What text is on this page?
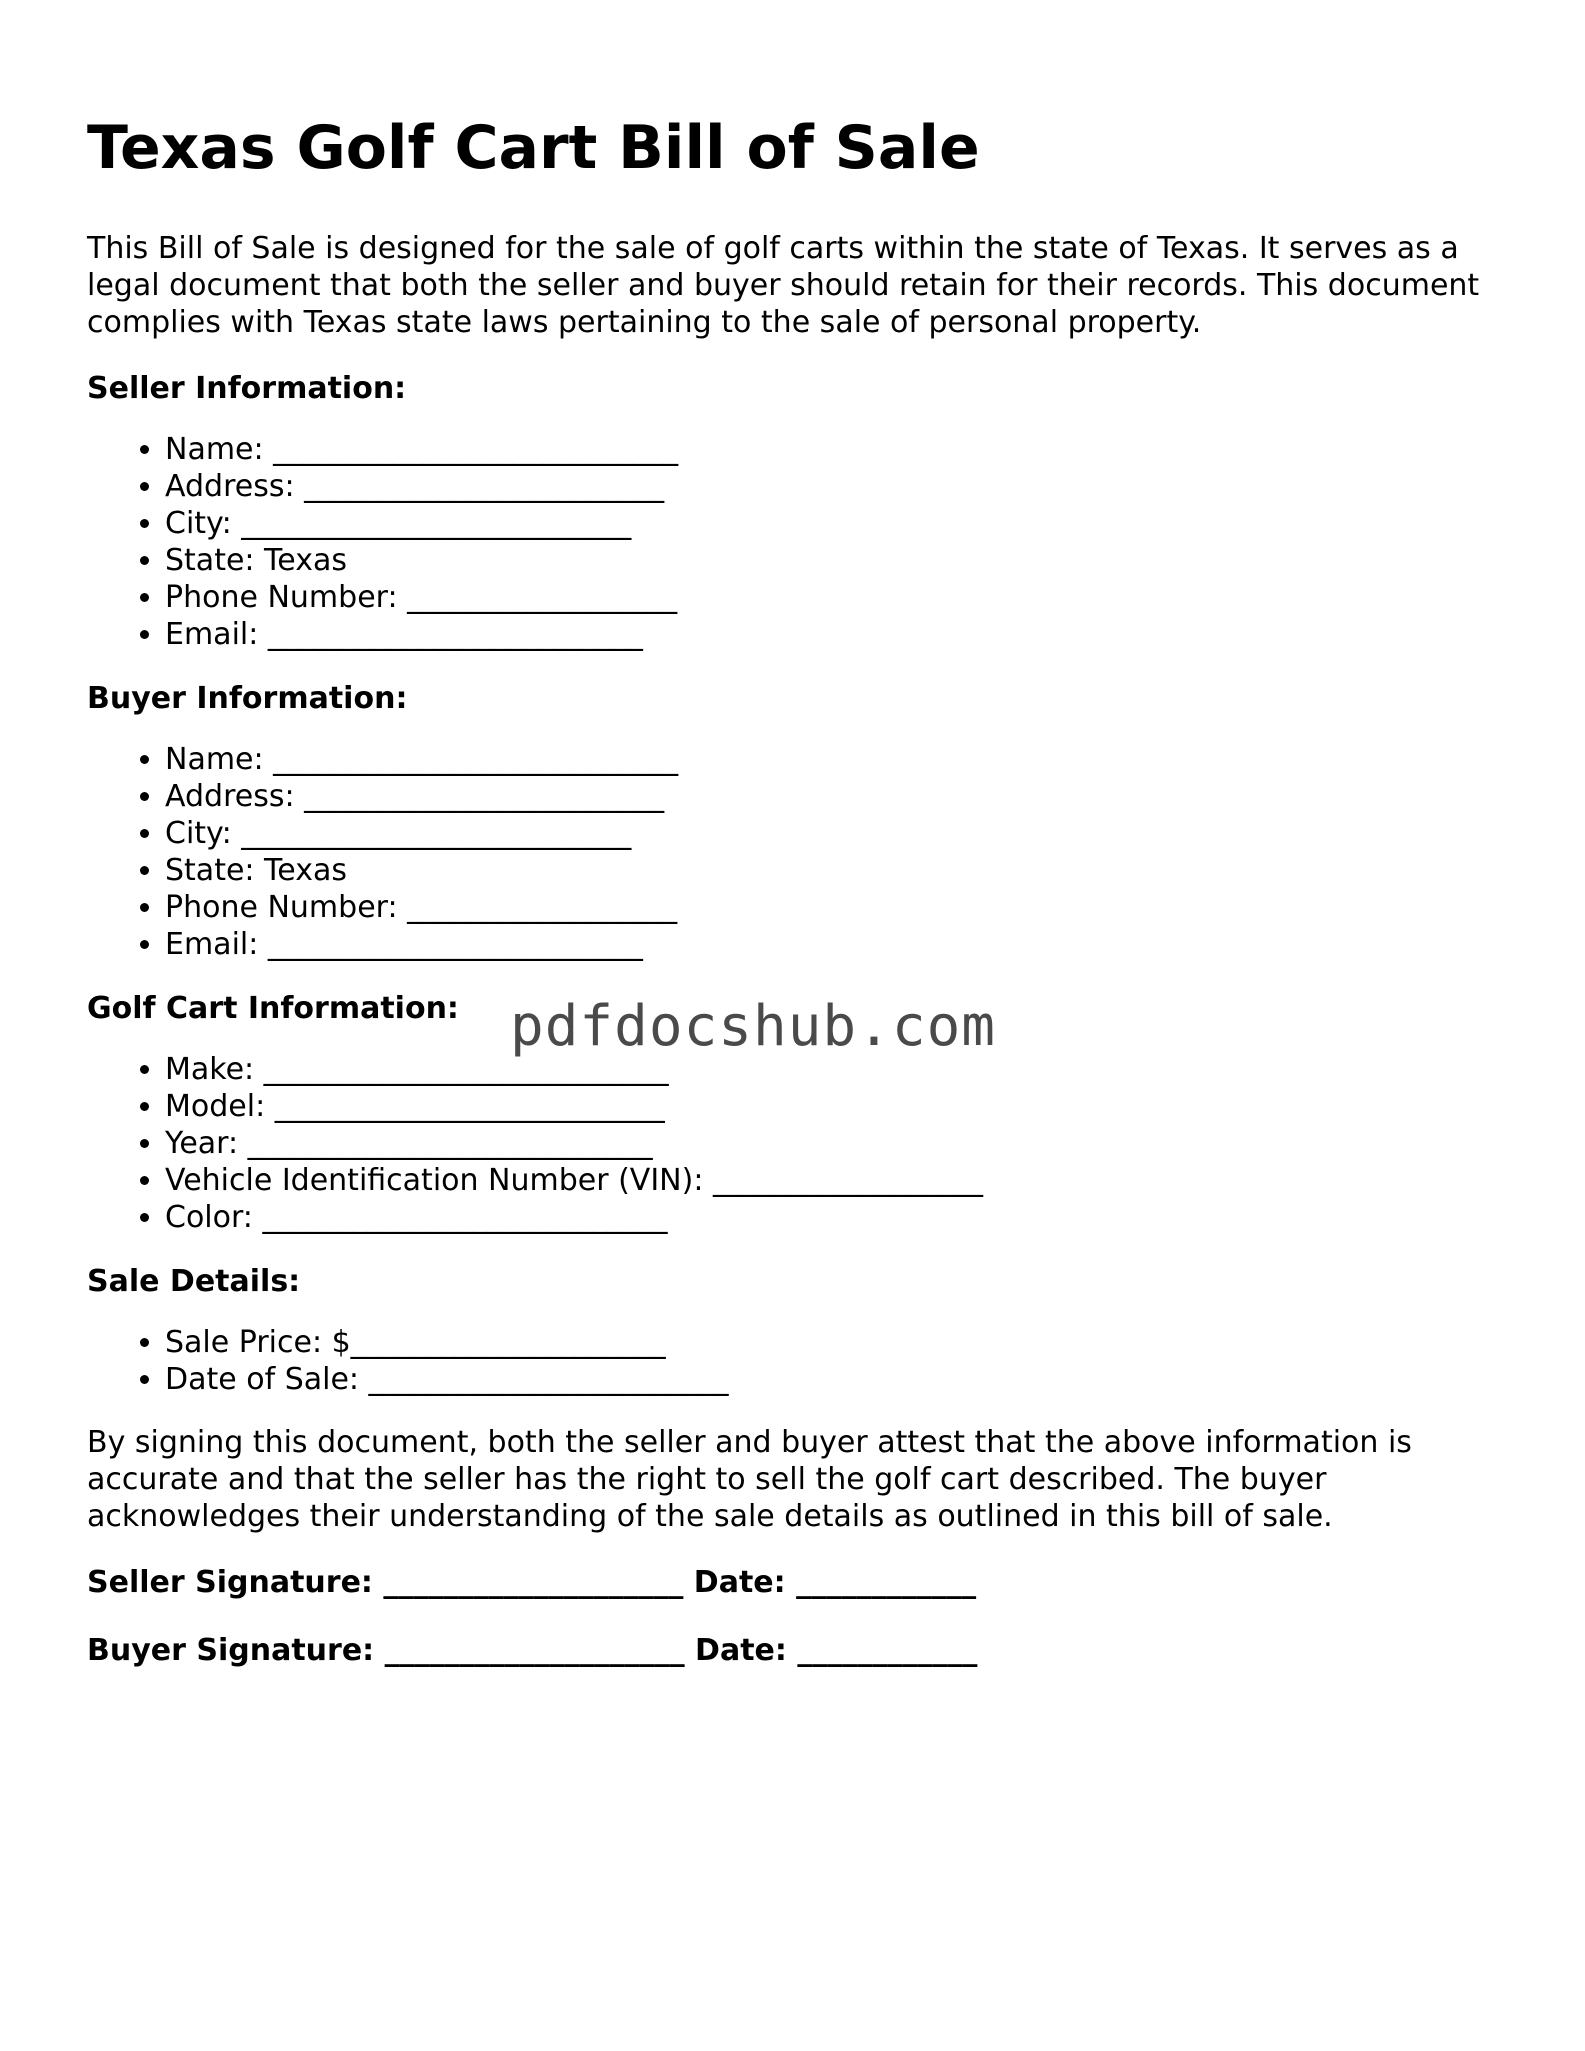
Texas Golf Cart Bill of Sale

This Bill of Sale is designed for the sale of golf carts within the state of Texas. It serves as a legal document that both the seller and buyer should retain for their records. This document complies with Texas state laws pertaining to the sale of personal property.

Seller Information:
• Name: ___________________________
• Address: ________________________
• City: __________________________
• State: Texas
• Phone Number: __________________
• Email: _________________________
Buyer Information:
• Name: ___________________________
• Address: ________________________
• City: __________________________
• State: Texas
• Phone Number: __________________
• Email: _________________________
Golf Cart Information:
• Make: ___________________________
• Model: __________________________
• Year: ___________________________
• Vehicle Identification Number (VIN): __________________
• Color: ___________________________
Sale Details:
• Sale Price: $_____________________
• Date of Sale: ________________________

By signing this document, both the seller and buyer attest that the above information is accurate and that the seller has the right to sell the golf cart described. The buyer acknowledges their understanding of the sale details as outlined in this bill of sale.

Seller Signature: ____________________ Date: ____________
Buyer Signature: ____________________ Date: ____________
pdfdocshub.com
